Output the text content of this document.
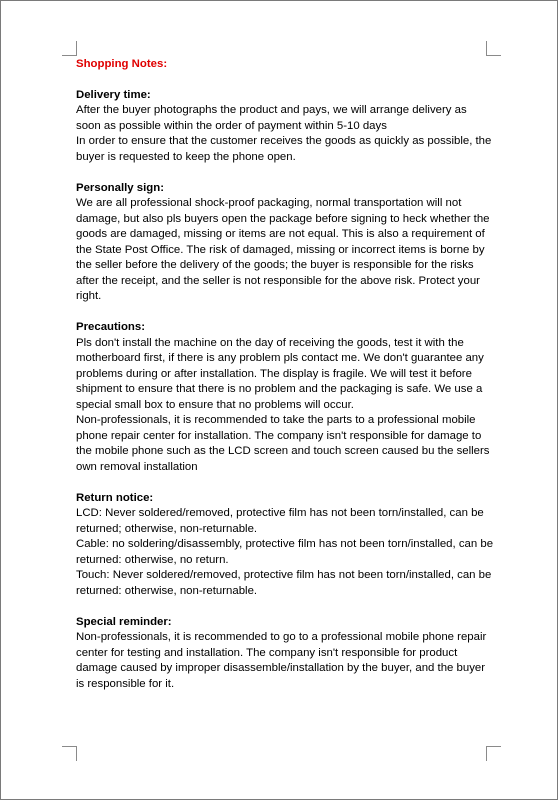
Shopping Notes:
Delivery time:

After the buyer photographs the product and pays, we will arrange delivery as soon as possible within the order of payment within 5-10 days

In order to ensure that the customer receives the goods as quickly as possible, the buyer is requested to keep the phone open.

Personally sign:

We are all professional shock-proof packaging, normal transportation will not damage, but also pls buyers open the package before signing to heck whether the goods are damaged, missing or items are not equal. This is also a requirement of the State Post Office. The risk of damaged, missing or incorrect items is borne by the seller before the delivery of the goods; the buyer is responsible for the risks after the receipt, and the seller is not responsible for the above risk. Protect your right.

Precautions:

Pls don't install the machine on the day of receiving the goods, test it with the motherboard first, if there is any problem pls contact me. We don't guarantee any problems during or after installation. The display is fragile. We will test it before shipment to ensure that there is no problem and the packaging is safe. We use a special small box to ensure that no problems will occur.

Non-professionals, it is recommended to take the parts to a professional mobile phone repair center for installation. The company isn't responsible for damage to the mobile phone such as the LCD screen and touch screen caused bu the sellers own removal installation

Return notice:

LCD: Never soldered/removed, protective film has not been torn/installed, can be returned; otherwise, non-returnable.

Cable: no soldering/disassembly, protective film has not been torn/installed, can be returned: otherwise, no return.

Touch: Never soldered/removed, protective film has not been torn/installed, can be returned: otherwise, non-returnable.

Special reminder:

Non-professionals, it is recommended to go to a professional mobile phone repair center for testing and installation. The company isn't responsible for product damage caused by improper disassemble/installation by the buyer, and the buyer is responsible for it.
